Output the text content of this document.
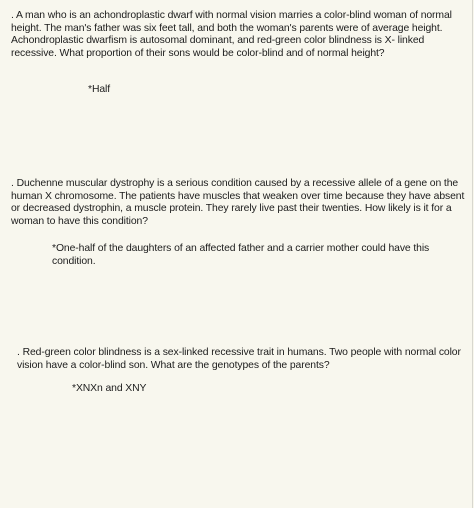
. A man who is an achondroplastic dwarf with normal vision marries a color-blind woman of normal height. The man's father was six feet tall, and both the woman's parents were of average height. Achondroplastic dwarfism is autosomal dominant, and red-green color blindness is X- linked recessive. What proportion of their sons would be color-blind and of normal height?

*Half

. Duchenne muscular dystrophy is a serious condition caused by a recessive allele of a gene on the human X chromosome. The patients have muscles that weaken over time because they have absent or decreased dystrophin, a muscle protein. They rarely live past their twenties. How likely is it for a woman to have this condition?

*One-half of the daughters of an affected father and a carrier mother could have this condition.

. Red-green color blindness is a sex-linked recessive trait in humans. Two people with normal color vision have a color-blind son. What are the genotypes of the parents?

*XNXn and XNY
